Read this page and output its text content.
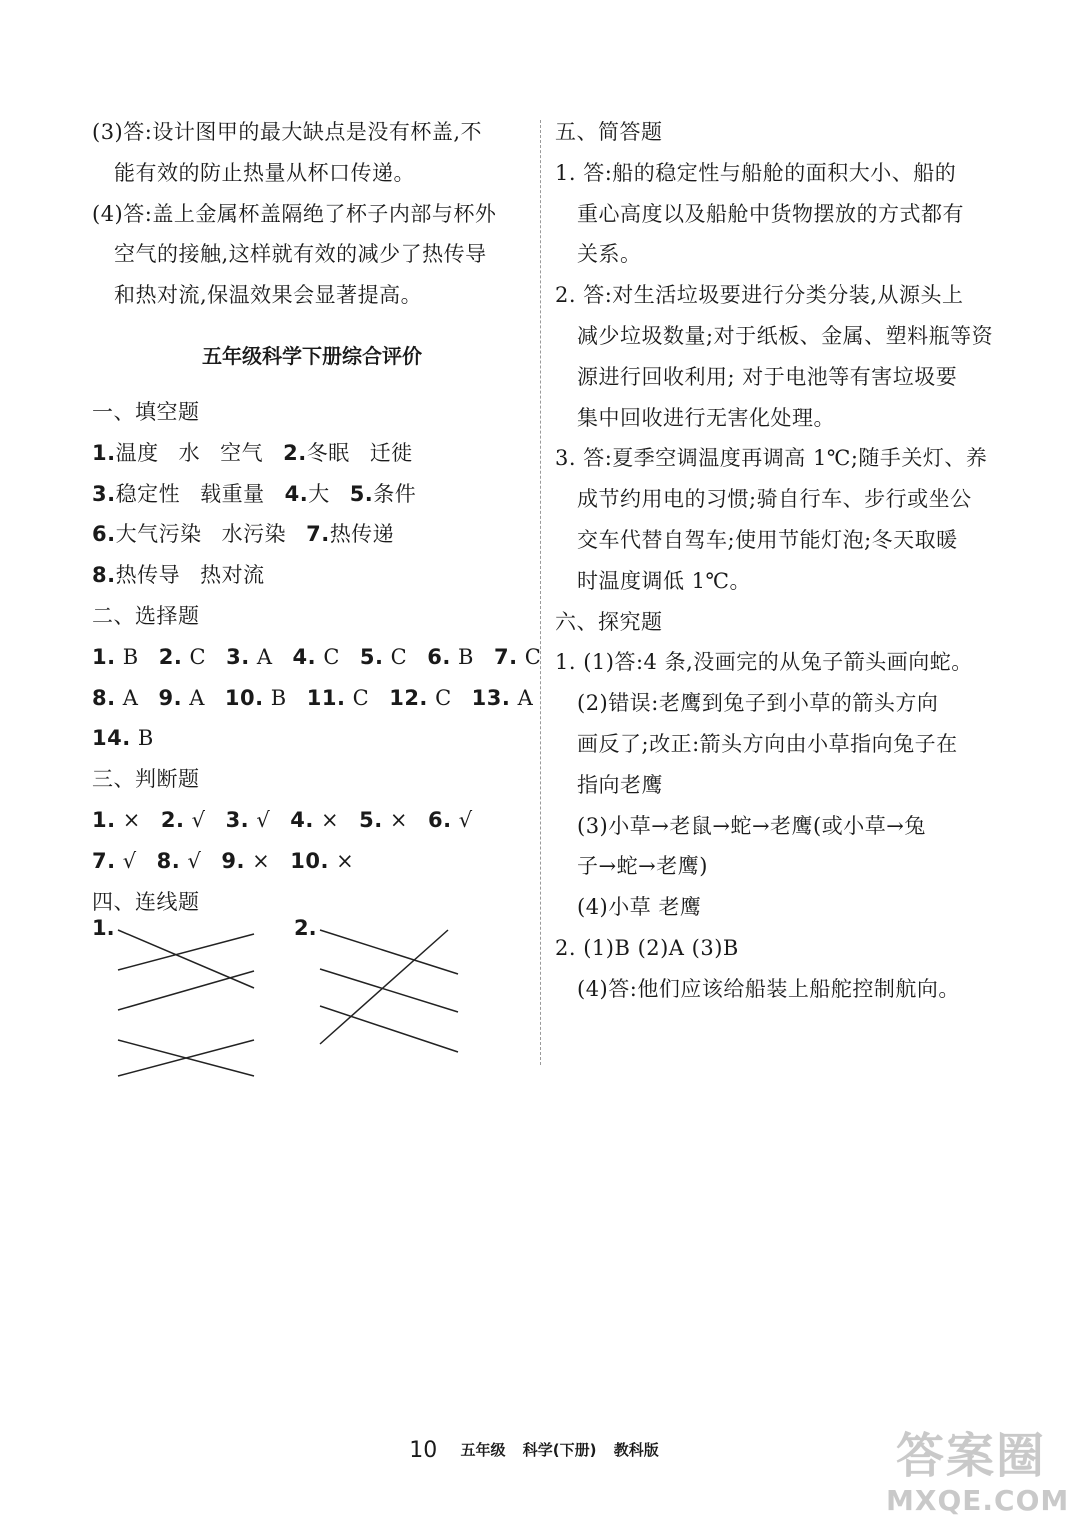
(3)答:设计图甲的最大缺点是没有杯盖,不
能有效的防止热量从杯口传递。
(4)答:盖上金属杯盖隔绝了杯子内部与杯外
空气的接触,这样就有效的减少了热传导
和热对流,保温效果会显著提高。
五年级科学下册综合评价
一、填空题
1.温度 水 空气 2.冬眠 迁徙
3.稳定性 载重量 4.大 5.条件
6.大气污染 水污染 7.热传递
8.热传导 热对流
二、选择题
1. B 2. C 3. A 4. C 5. C 6. B 7. C
8. A 9. A 10. B 11. C 12. C 13. A
14. B
三、判断题
1. × 2. √ 3. √ 4. × 5. × 6. √
7. √ 8. √ 9. × 10. ×
四、连线题
1.	2.
五、简答题
1. 答:船的稳定性与船舱的面积大小、船的
重心高度以及船舱中货物摆放的方式都有
关系。
2. 答:对生活垃圾要进行分类分装,从源头上
减少垃圾数量;对于纸板、金属、塑料瓶等资
源进行回收利用; 对于电池等有害垃圾要
集中回收进行无害化处理。
3. 答:夏季空调温度再调高 1℃;随手关灯、养
成节约用电的习惯;骑自行车、步行或坐公
交车代替自驾车;使用节能灯泡;冬天取暖
时温度调低 1℃。
六、探究题
1. (1)答:4 条,没画完的从兔子箭头画向蛇。
(2)错误:老鹰到兔子到小草的箭头方向
画反了;改正:箭头方向由小草指向兔子在
指向老鹰
(3)小草→老鼠→蛇→老鹰(或小草→兔
子→蛇→老鹰)
(4)小草 老鹰
2. (1)B (2)A (3)B
(4)答:他们应该给船装上船舵控制航向。
10 五年级 科学(下册) 教科版	答案圈
MXQE.COM
